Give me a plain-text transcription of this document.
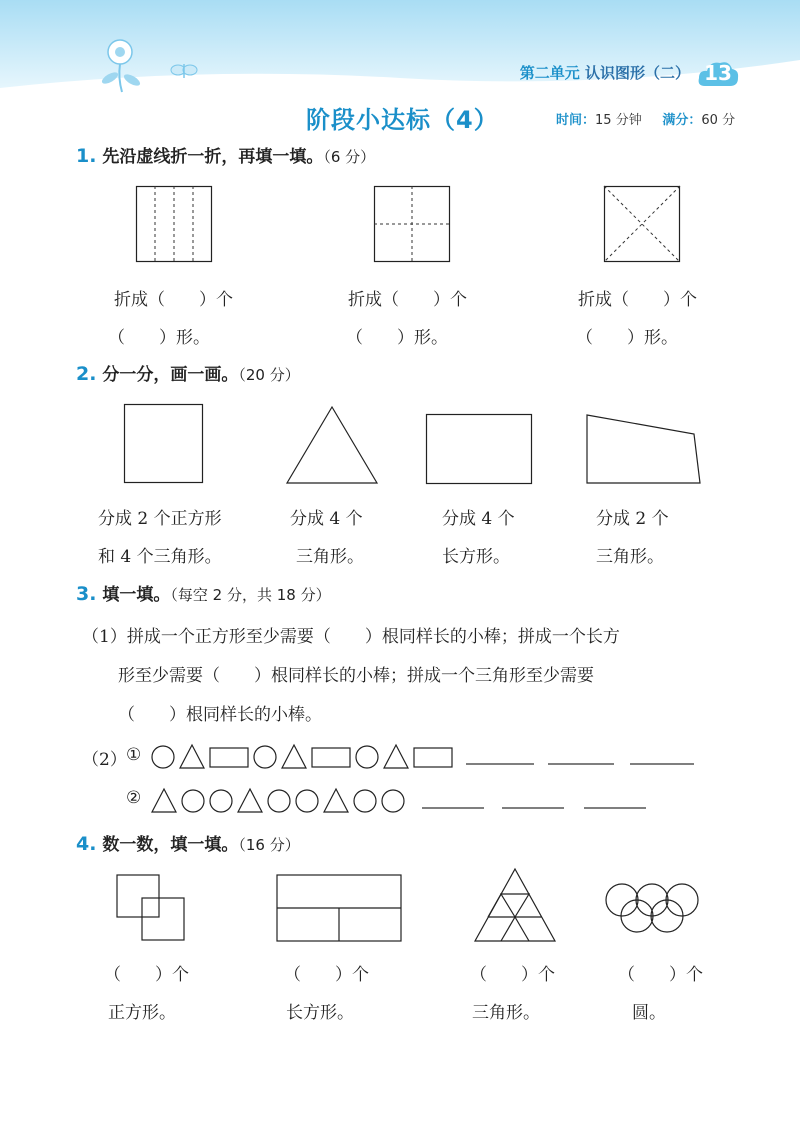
第二单元 认识图形（二） 13
阶段小达标（4）	时间：15 分钟 满分：60 分
1. 先沿虚线折一折，再填一填。（6 分）
折成（　　）个
（　　）形。
折成（　　）个
（　　）形。
折成（　　）个
（　　）形。
2. 分一分，画一画。（20 分）
分成 2 个正方形
和 4 个三角形。
分成 4 个
三角形。
分成 4 个
长方形。
分成 2 个
三角形。
3. 填一填。（每空 2 分，共 18 分）
（1）拼成一个正方形至少需要（　　）根同样长的小棒；拼成一个长方
形至少需要（　　）根同样长的小棒；拼成一个三角形至少需要
（　　）根同样长的小棒。
（2） ①
②
4. 数一数，填一填。（16 分）
（　　）个
正方形。
（　　）个
长方形。
（　　）个
三角形。
（　　）个
圆。
